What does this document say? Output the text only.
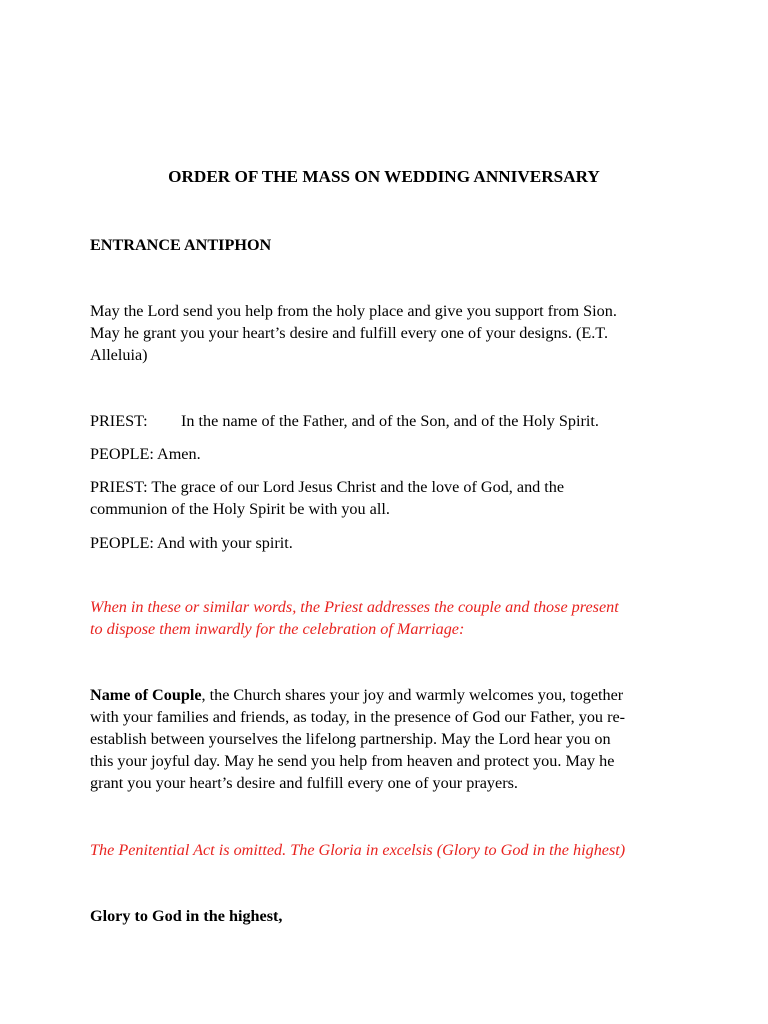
ORDER OF THE MASS ON WEDDING ANNIVERSARY
ENTRANCE ANTIPHON
May the Lord send you help from the holy place and give you support from Sion.
May he grant you your heart’s desire and fulfill every one of your designs. (E.T.
Alleluia)
PRIEST: In the name of the Father, and of the Son, and of the Holy Spirit.
PEOPLE: Amen.
PRIEST: The grace of our Lord Jesus Christ and the love of God, and the
communion of the Holy Spirit be with you all.
PEOPLE: And with your spirit.
When in these or similar words, the Priest addresses the couple and those present
to dispose them inwardly for the celebration of Marriage:
Name of Couple, the Church shares your joy and warmly welcomes you, together
with your families and friends, as today, in the presence of God our Father, you re-
establish between yourselves the lifelong partnership. May the Lord hear you on
this your joyful day. May he send you help from heaven and protect you. May he
grant you your heart’s desire and fulfill every one of your prayers.
The Penitential Act is omitted. The Gloria in excelsis (Glory to God in the highest)
Glory to God in the highest,
